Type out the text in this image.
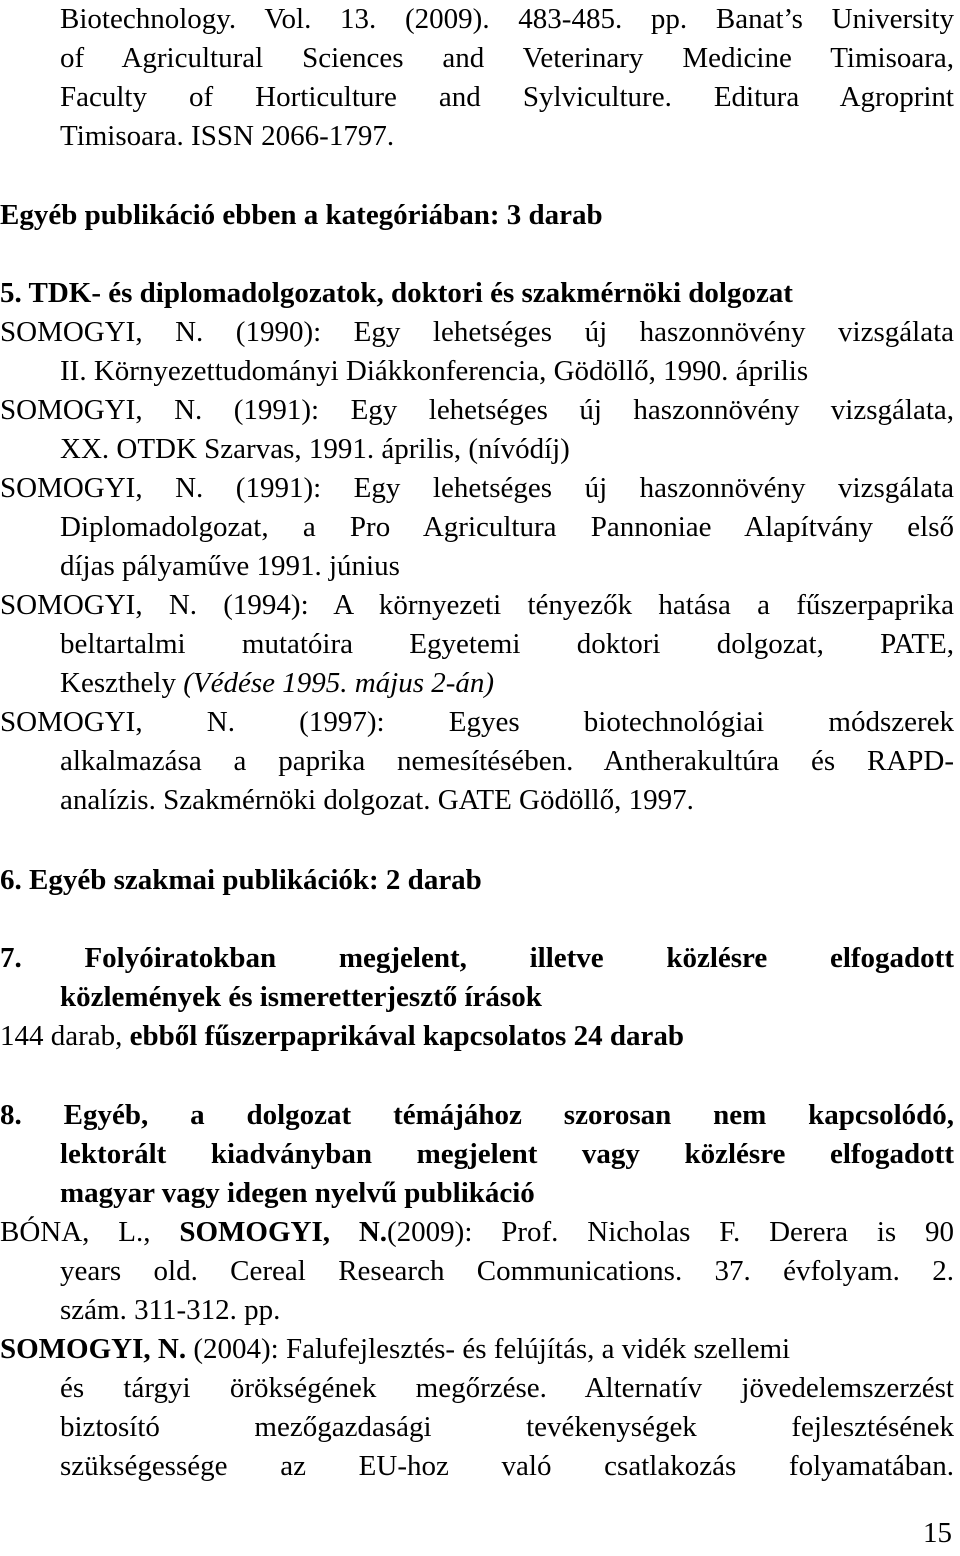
Biotechnology. Vol. 13. (2009). 483-485. pp. Banat’s University
of Agricultural Sciences and Veterinary Medicine Timisoara,
Faculty of Horticulture and Sylviculture. Editura Agroprint
Timisoara. ISSN 2066-1797.
Egyéb publikáció ebben a kategóriában: 3 darab
5. TDK- és diplomadolgozatok, doktori és szakmérnöki dolgozat
SOMOGYI, N. (1990): Egy lehetséges új haszonnövény vizsgálata
II. Környezettudományi Diákkonferencia, Gödöllő, 1990. április
SOMOGYI, N. (1991): Egy lehetséges új haszonnövény vizsgálata,
XX. OTDK Szarvas, 1991. április, (nívódíj)
SOMOGYI, N. (1991): Egy lehetséges új haszonnövény vizsgálata
Diplomadolgozat, a Pro Agricultura Pannoniae Alapítvány első
díjas pályaműve 1991. június
SOMOGYI, N. (1994): A környezeti tényezők hatása a fűszerpaprika
beltartalmi mutatóira Egyetemi doktori dolgozat, PATE,
Keszthely (Védése 1995. május 2-án)
SOMOGYI, N. (1997): Egyes biotechnológiai módszerek
alkalmazása a paprika nemesítésében. Antherakultúra és RAPD-
analízis. Szakmérnöki dolgozat. GATE Gödöllő, 1997.
6. Egyéb szakmai publikációk: 2 darab
7. Folyóiratokban megjelent, illetve közlésre elfogadott
közlemények és ismeretterjesztő írások
144 darab, ebből fűszerpaprikával kapcsolatos 24 darab
8. Egyéb, a dolgozat témájához szorosan nem kapcsolódó,
lektorált kiadványban megjelent vagy közlésre elfogadott
magyar vagy idegen nyelvű publikáció
BÓNA, L., SOMOGYI, N.(2009): Prof. Nicholas F. Derera is 90
years old. Cereal Research Communications. 37. évfolyam. 2.
szám. 311-312. pp.
SOMOGYI, N. (2004): Falufejlesztés- és felújítás, a vidék szellemi
és tárgyi örökségének megőrzése. Alternatív jövedelemszerzést
biztosító mezőgazdasági tevékenységek fejlesztésének
szükségessége az EU-hoz való csatlakozás folyamatában.
15
